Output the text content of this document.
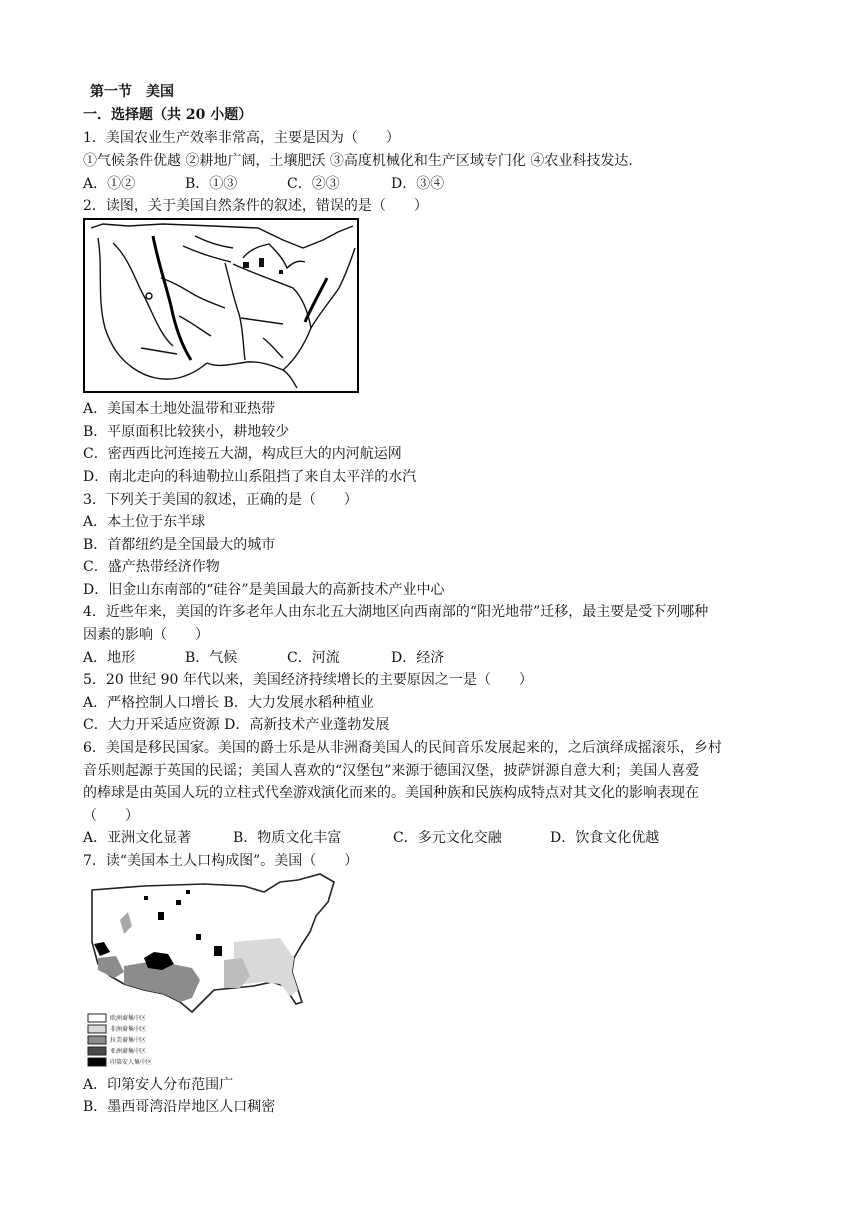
第一节　美国
一．选择题（共 20 小题）
1．美国农业生产效率非常高，主要是因为（　　）
①气候条件优越 ②耕地广阔，土壤肥沃 ③高度机械化和生产区域专门化 ④农业科技发达．
A．①②	B．①③	C．②③	D．③④
2．读图，关于美国自然条件的叙述，错误的是（　　）
A．美国本土地处温带和亚热带
B．平原面积比较狭小，耕地较少
C．密西西比河连接五大湖，构成巨大的内河航运网
D．南北走向的科迪勒拉山系阻挡了来自太平洋的水汽
3．下列关于美国的叙述，正确的是（　　）
A．本土位于东半球
B．首都纽约是全国最大的城市
C．盛产热带经济作物
D．旧金山东南部的“硅谷”是美国最大的高新技术产业中心
4．近些年来，美国的许多老年人由东北五大湖地区向西南部的“阳光地带”迁移，最主要是受下列哪种
因素的影响（　　）
A．地形	B．气候	C．河流	D．经济
5．20 世纪 90 年代以来，美国经济持续增长的主要原因之一是（　　）
A．严格控制人口增长 B．大力发展水稻种植业
C．大力开采适应资源 D．高新技术产业蓬勃发展
6．美国是移民国家。美国的爵士乐是从非洲裔美国人的民间音乐发展起来的，之后演绎成摇滚乐，乡村
音乐则起源于英国的民谣；美国人喜欢的“汉堡包”来源于德国汉堡，披萨饼源自意大利；美国人喜爱
的棒球是由英国人玩的立柱式代垒游戏演化而来的。美国种族和民族构成特点对其文化的影响表现在
（　　）
A．亚洲文化显著	B．物质文化丰富	C．多元文化交融	D．饮食文化优越
7．读“美国本土人口构成图”。美国（　　）
欧洲裔集中区
非洲裔集中区
拉美裔集中区
亚洲裔集中区
印第安人集中区
A．印第安人分布范围广
B．墨西哥湾沿岸地区人口稠密
